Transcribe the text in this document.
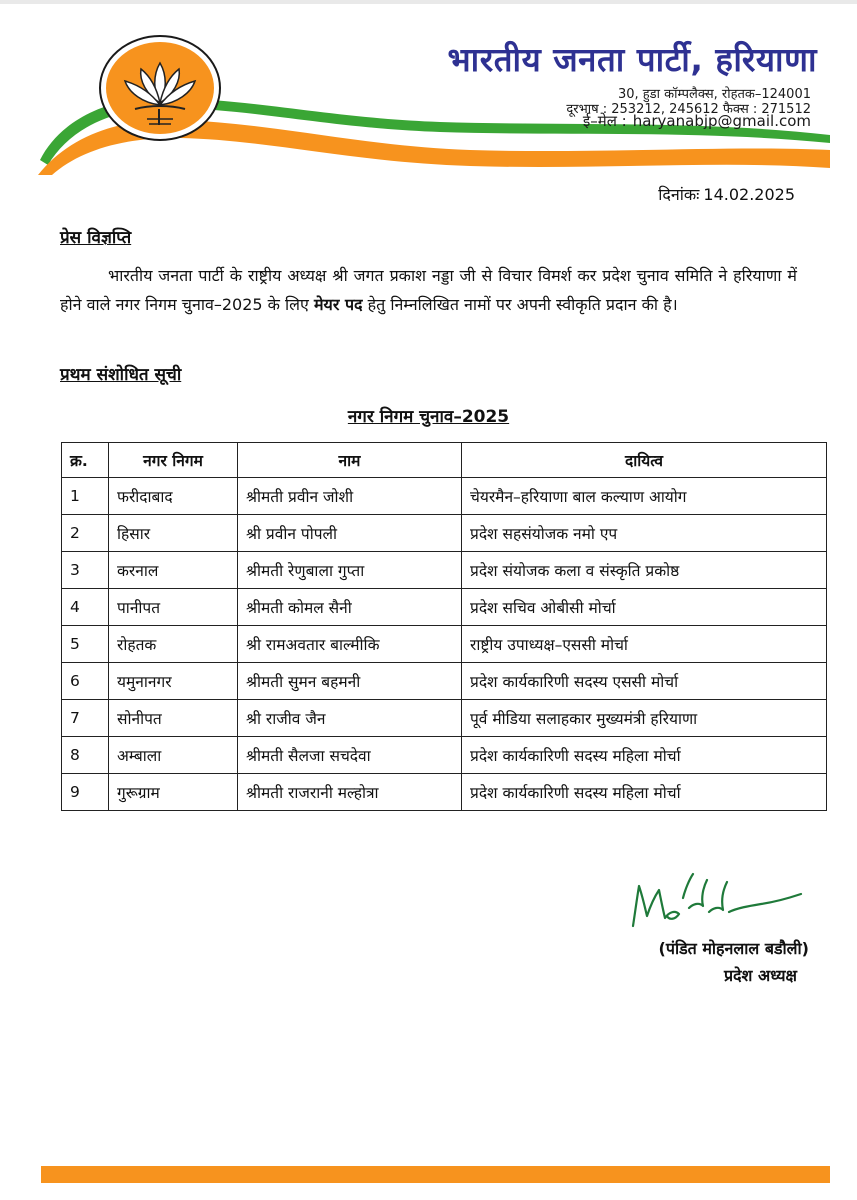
भारतीय जनता पार्टी, हरियाणा
30, हुडा कॉम्पलैक्स, रोहतक–124001
दूरभाष : 253212, 245612 फैक्स : 271512
ई–मेल : haryanabjp@gmail.com
दिनांकः 14.02.2025
प्रेस विज्ञप्ति
भारतीय जनता पार्टी के राष्ट्रीय अध्यक्ष श्री जगत प्रकाश नड्डा जी से विचार विमर्श कर प्रदेश चुनाव समिति ने हरियाणा में होने वाले नगर निगम चुनाव–2025 के लिए मेयर पद हेतु निम्नलिखित नामों पर अपनी स्वीकृति प्रदान की है।
प्रथम संशोधित सूची
नगर निगम चुनाव–2025
क्र.	नगर निगम	नाम	दायित्व
1	फरीदाबाद	श्रीमती प्रवीन जोशी	चेयरमैन–हरियाणा बाल कल्याण आयोग
2	हिसार	श्री प्रवीन पोपली	प्रदेश सहसंयोजक नमो एप
3	करनाल	श्रीमती रेणुबाला गुप्ता	प्रदेश संयोजक कला व संस्कृति प्रकोष्ठ
4	पानीपत	श्रीमती कोमल सैनी	प्रदेश सचिव ओबीसी मोर्चा
5	रोहतक	श्री रामअवतार बाल्मीकि	राष्ट्रीय उपाध्यक्ष–एससी मोर्चा
6	यमुनानगर	श्रीमती सुमन बहमनी	प्रदेश कार्यकारिणी सदस्य एससी मोर्चा
7	सोनीपत	श्री राजीव जैन	पूर्व मीडिया सलाहकार मुख्यमंत्री हरियाणा
8	अम्बाला	श्रीमती सैलजा सचदेवा	प्रदेश कार्यकारिणी सदस्य महिला मोर्चा
9	गुरूग्राम	श्रीमती राजरानी मल्होत्रा	प्रदेश कार्यकारिणी सदस्य महिला मोर्चा
(पंडित मोहनलाल बडौली)
प्रदेश अध्यक्ष
